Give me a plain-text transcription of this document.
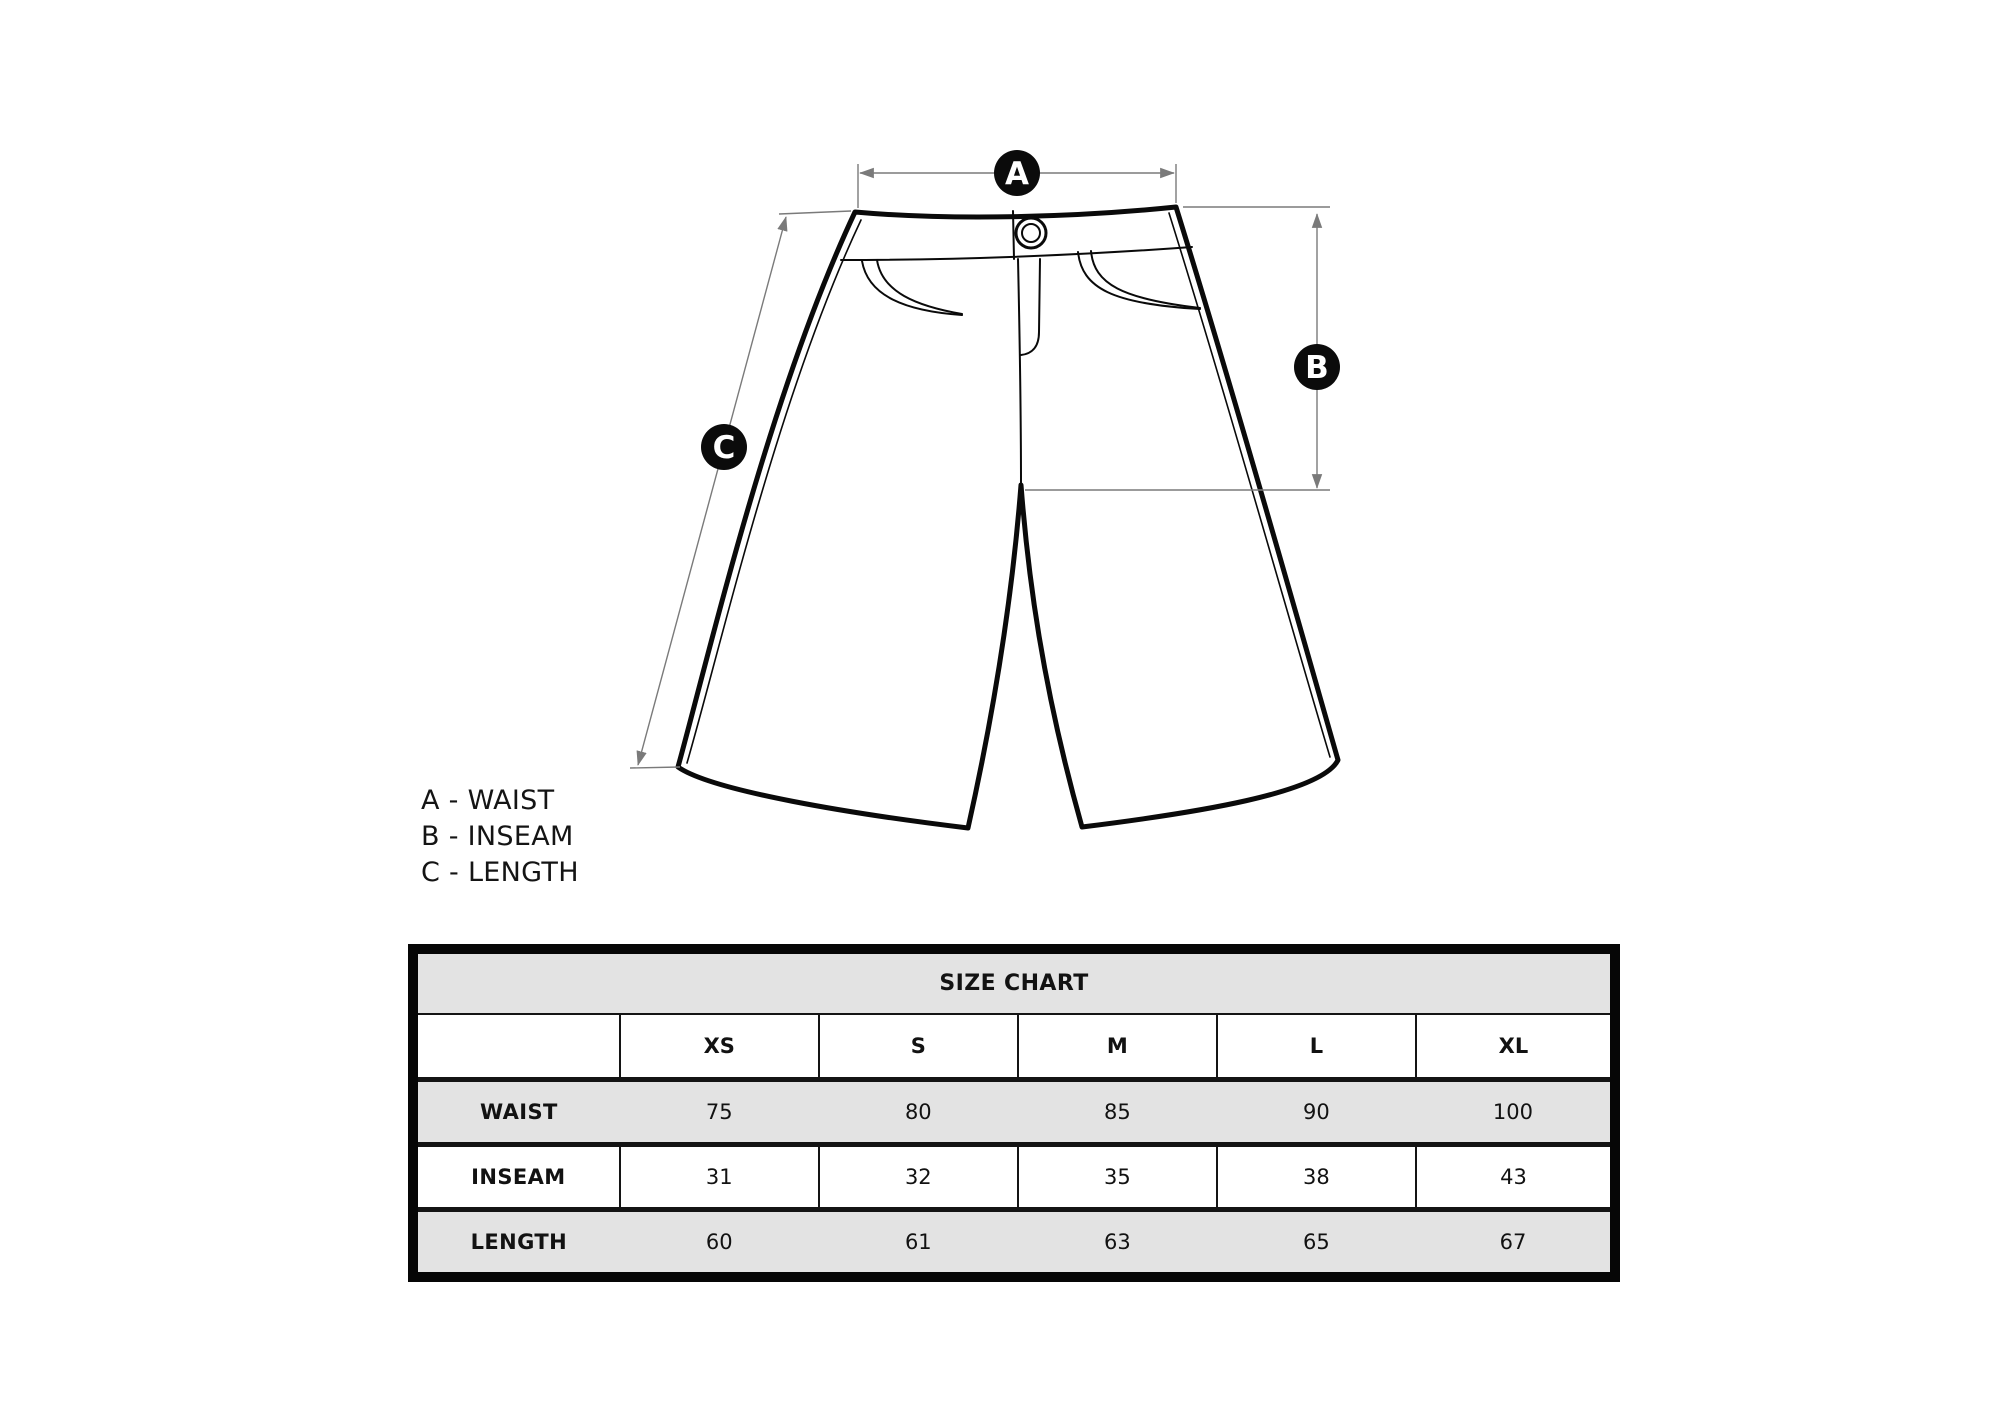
A
B
C
A - WAIST
B - INSEAM
C - LENGTH
SIZE CHART					
	XS	S	M	L	XL
WAIST	75	80	85	90	100
INSEAM	31	32	35	38	43
LENGTH	60	61	63	65	67
